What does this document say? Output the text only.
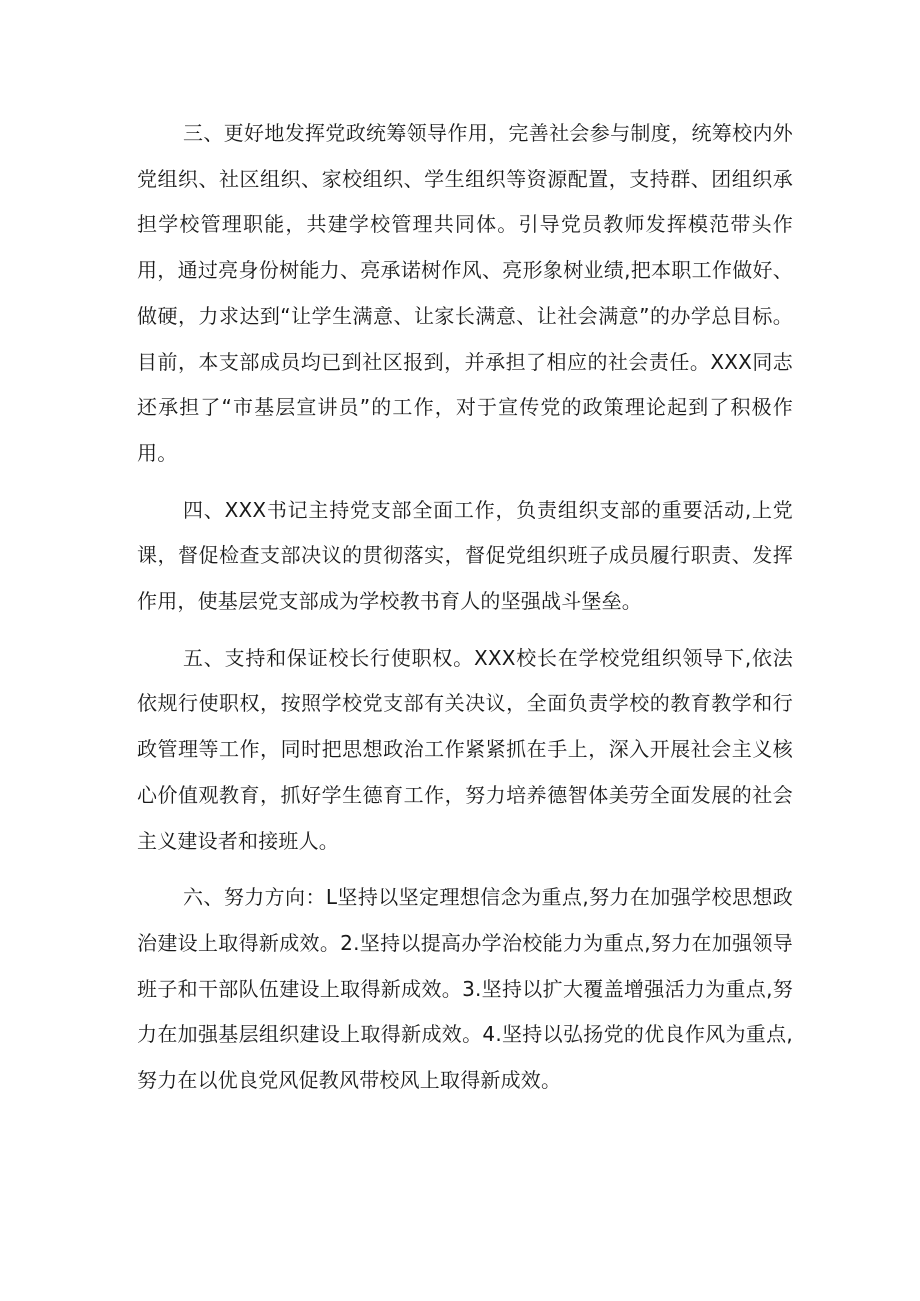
三、更好地发挥党政统筹领导作用，完善社会参与制度，统筹校内外党组织、社区组织、家校组织、学生组织等资源配置，支持群、团组织承担学校管理职能，共建学校管理共同体。引导党员教师发挥模范带头作用，通过亮身份树能力、亮承诺树作风、亮形象树业绩,把本职工作做好、做硬，力求达到“让学生满意、让家长满意、让社会满意”的办学总目标。目前，本支部成员均已到社区报到，并承担了相应的社会责任。XXX同志还承担了“市基层宣讲员”的工作，对于宣传党的政策理论起到了积极作用。

四、XXX书记主持党支部全面工作，负责组织支部的重要活动,上党课，督促检查支部决议的贯彻落实，督促党组织班子成员履行职责、发挥作用，使基层党支部成为学校教书育人的坚强战斗堡垒。

五、支持和保证校长行使职权。XXX校长在学校党组织领导下,依法依规行使职权，按照学校党支部有关决议，全面负责学校的教育教学和行政管理等工作，同时把思想政治工作紧紧抓在手上，深入开展社会主义核心价值观教育，抓好学生德育工作，努力培养德智体美劳全面发展的社会主义建设者和接班人。

六、努力方向：L坚持以坚定理想信念为重点,努力在加强学校思想政治建设上取得新成效。2.坚持以提高办学治校能力为重点,努力在加强领导班子和干部队伍建设上取得新成效。3.坚持以扩大覆盖增强活力为重点,努力在加强基层组织建设上取得新成效。4.坚持以弘扬党的优良作风为重点,努力在以优良党风促教风带校风上取得新成效。
